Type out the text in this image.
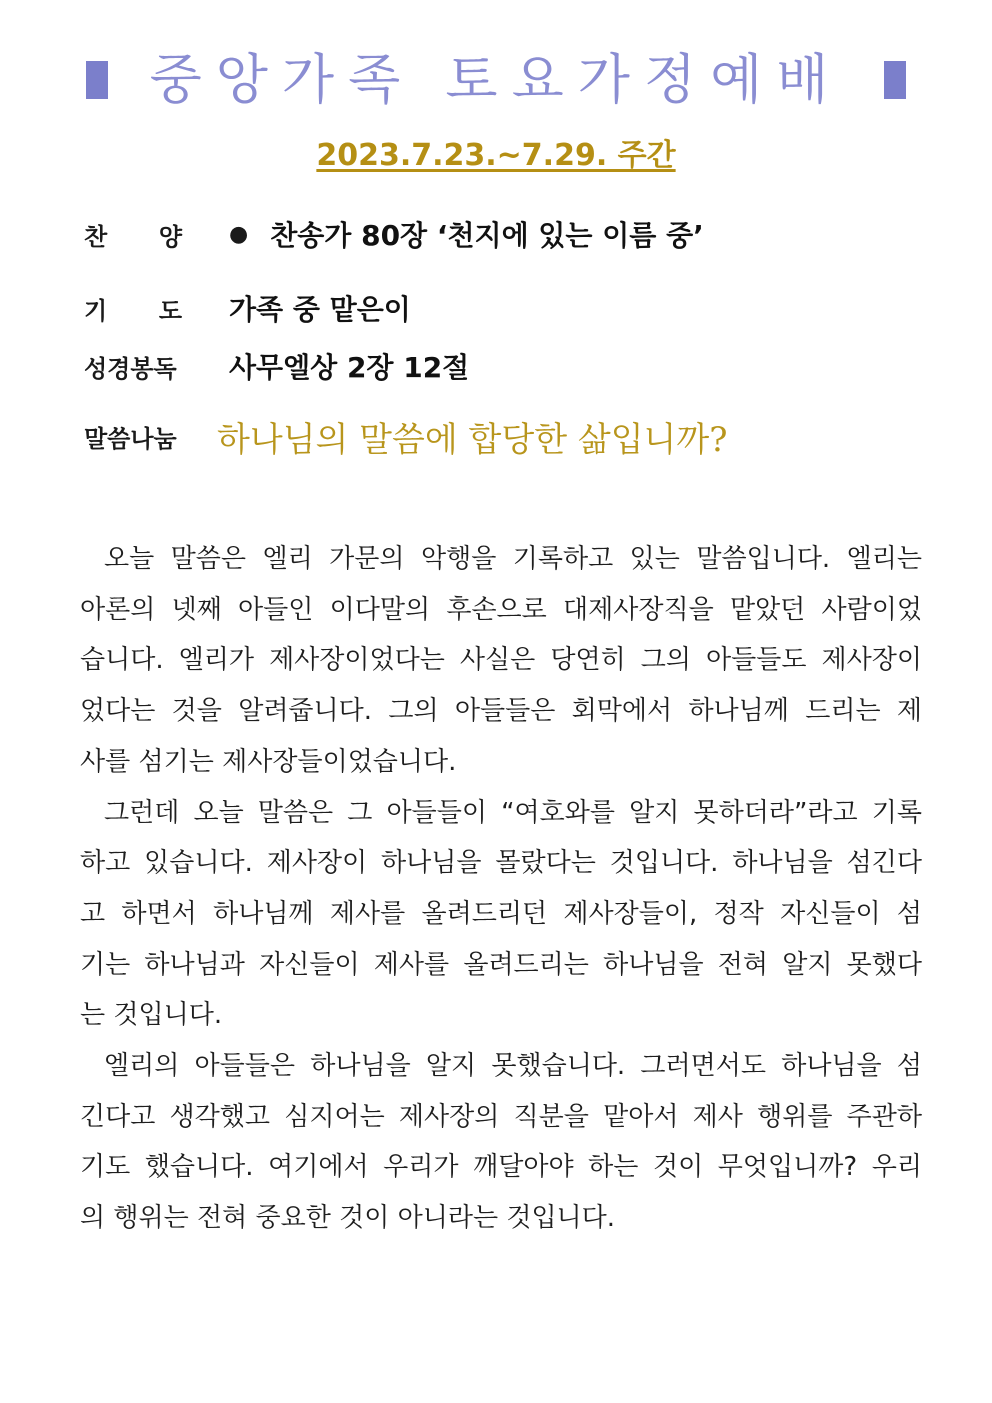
중앙가족 토요가정예배
2023.7.23.~7.29. 주간
찬 양 ● 찬송가 80장 ‘천지에 있는 이름 중’
기 도 가족 중 맡은이
성경봉독	사무엘상 2장 12절
말씀나눔	하나님의 말씀에 합당한 삶입니까?
오늘 말씀은 엘리 가문의 악행을 기록하고 있는 말씀입니다. 엘리는
아론의 넷째 아들인 이다말의 후손으로 대제사장직을 맡았던 사람이었
습니다. 엘리가 제사장이었다는 사실은 당연히 그의 아들들도 제사장이
었다는 것을 알려줍니다. 그의 아들들은 회막에서 하나님께 드리는 제
사를 섬기는 제사장들이었습니다.
그런데 오늘 말씀은 그 아들들이 “여호와를 알지 못하더라”라고 기록
하고 있습니다. 제사장이 하나님을 몰랐다는 것입니다. 하나님을 섬긴다
고 하면서 하나님께 제사를 올려드리던 제사장들이, 정작 자신들이 섬
기는 하나님과 자신들이 제사를 올려드리는 하나님을 전혀 알지 못했다
는 것입니다.
엘리의 아들들은 하나님을 알지 못했습니다. 그러면서도 하나님을 섬
긴다고 생각했고 심지어는 제사장의 직분을 맡아서 제사 행위를 주관하
기도 했습니다. 여기에서 우리가 깨달아야 하는 것이 무엇입니까? 우리
의 행위는 전혀 중요한 것이 아니라는 것입니다.
